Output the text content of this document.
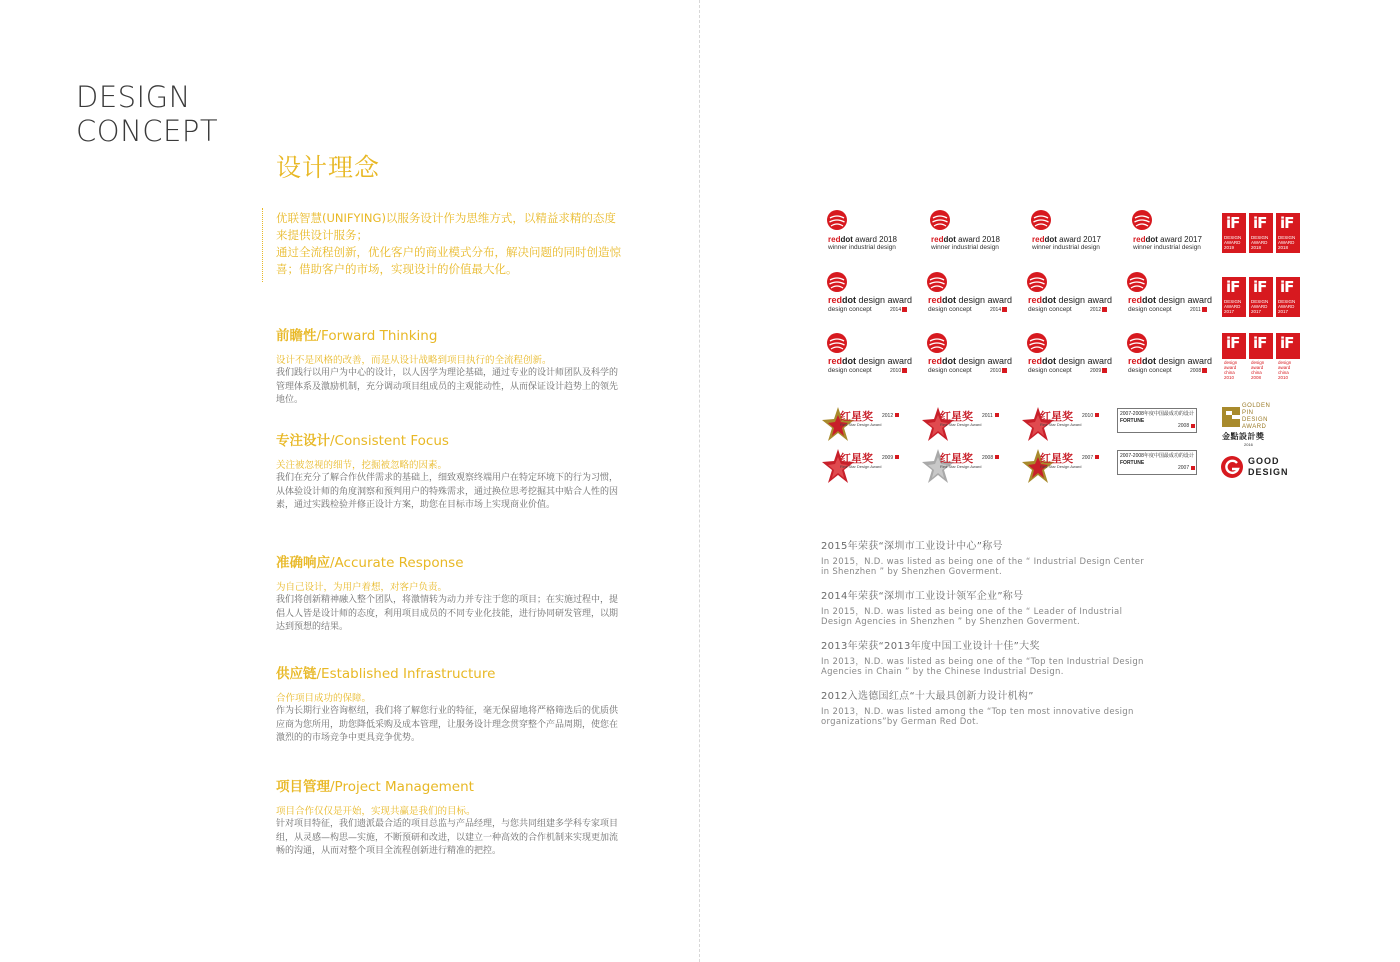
DESIGN
CONCEPT
设计理念

优联智慧(UNIFYING)以服务设计作为思维方式，以精益求精的态度来提供设计服务；

通过全流程创新，优化客户的商业模式分布，解决问题的同时创造惊喜；借助客户的市场，实现设计的价值最大化。

前瞻性/Forward Thinking
设计不是风格的改善，而是从设计战略到项目执行的全流程创新。
我们践行以用户为中心的设计，以人因学为理论基础，通过专业的设计师团队及科学的管理体系及激励机制，充分调动项目组成员的主观能动性，从而保证设计趋势上的领先地位。
专注设计/Consistent Focus
关注被忽视的细节，挖掘被忽略的因素。
我们在充分了解合作伙伴需求的基础上，细致观察终端用户在特定环境下的行为习惯，从体验设计师的角度洞察和预判用户的特殊需求，通过换位思考挖掘其中贴合人性的因素，通过实践检验并修正设计方案，助您在目标市场上实现商业价值。
准确响应/Accurate Response
为自己设计，为用户着想，对客户负责。
我们将创新精神融入整个团队，将激情转为动力并专注于您的项目；在实施过程中，提倡人人皆是设计师的态度，利用项目成员的不同专业化技能，进行协同研发管理，以期达到预想的结果。
供应链/Established Infrastructure
合作项目成功的保障。
作为长期行业咨询枢纽，我们将了解您行业的特征，毫无保留地将严格筛选后的优质供应商为您所用，助您降低采购及成本管理，让服务设计理念贯穿整个产品周期，使您在激烈的的市场竞争中更具竞争优势。
项目管理/Project Management
项目合作仅仅是开始，实现共赢是我们的目标。
针对项目特征，我们遗派最合适的项目总监与产品经理，与您共同组建多学科专家项目组，从灵感—构思—实施，不断预研和改进，以建立一种高效的合作机制来实现更加流畅的沟通，从而对整个项目全流程创新进行精准的把控。
reddot award 2018
winner industrial design
reddot award 2018
winner industrial design
reddot award 2017
winner industrial design
reddot award 2017
winner industrial design
reddot design award
design concept	2014
reddot design award
design concept	2014
reddot design award
design concept	2012
reddot design award
design concept	2011
reddot design award
design concept	2010
reddot design award
design concept	2010
reddot design award
design concept	2009
reddot design award
design concept	2008
iF
DESIGN
AWARD
2019
iF
DESIGN
AWARD
2018
iF
DESIGN
AWARD
2018
iF
DESIGN
AWARD
2017
iF
DESIGN
AWARD
2017
iF
DESIGN
AWARD
2017
iF
design
award
china
2010
iF
design
award
china
2008
iF
design
award
china
2010
红星奖
Red Star Design Award
2012	红星奖
Red Star Design Award
2011	红星奖
Red Star Design Award
2010	2007-2008年度中国最成功的设计
FORTUNE
2008
红星奖
Red Star Design Award
2009	红星奖
Red Star Design Award
2008	红星奖
Red Star Design Award
2007	2007-2008年度中国最成功的设计
FORTUNE
2007
GOLDEN
PIN
DESIGN
AWARD
金點設計獎
2016
GOOD
DESIGN
2015年荣获“深圳市工业设计中心”称号
In 2015，N.D. was listed as being one of the “ Industrial Design Center in Shenzhen ” by Shenzhen Goverment.
2014年荣获“深圳市工业设计领军企业”称号
In 2015，N.D. was listed as being one of the “ Leader of Industrial Design Agencies in Shenzhen ” by Shenzhen Goverment.
2013年荣获“2013年度中国工业设计十佳”大奖
In 2013，N.D. was listed as being one of the “Top ten Industrial Design Agencies in Chain ” by the Chinese Industrial Design.
2012入选德国红点“十大最具创新力设计机构”
In 2013，N.D. was listed among the “Top ten most innovative design organizations”by German Red Dot.
